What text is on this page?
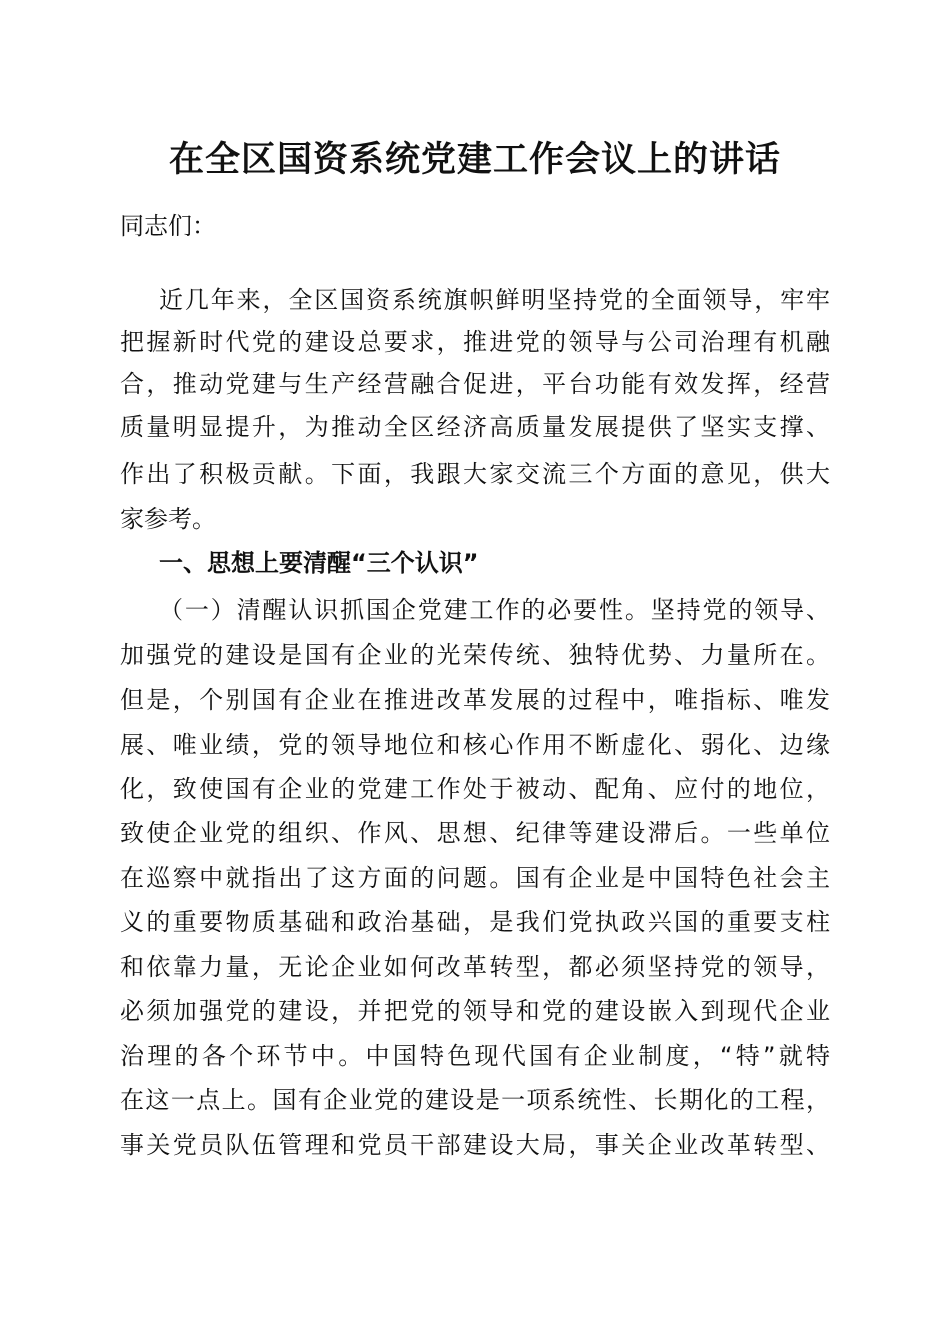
在全区国资系统党建工作会议上的讲话
同志们：
近几年来，全区国资系统旗帜鲜明坚持党的全面领导，牢牢
把握新时代党的建设总要求，推进党的领导与公司治理有机融
合，推动党建与生产经营融合促进，平台功能有效发挥，经营
质量明显提升，为推动全区经济高质量发展提供了坚实支撑、
作出了积极贡献。下面，我跟大家交流三个方面的意见，供大
家参考。
一、思想上要清醒“三个认识”
（一）清醒认识抓国企党建工作的必要性。坚持党的领导、
加强党的建设是国有企业的光荣传统、独特优势、力量所在。
但是，个别国有企业在推进改革发展的过程中，唯指标、唯发
展、唯业绩，党的领导地位和核心作用不断虚化、弱化、边缘
化，致使国有企业的党建工作处于被动、配角、应付的地位，
致使企业党的组织、作风、思想、纪律等建设滞后。一些单位
在巡察中就指出了这方面的问题。国有企业是中国特色社会主
义的重要物质基础和政治基础，是我们党执政兴国的重要支柱
和依靠力量，无论企业如何改革转型，都必须坚持党的领导，
必须加强党的建设，并把党的领导和党的建设嵌入到现代企业
治理的各个环节中。中国特色现代国有企业制度，“特”就特
在这一点上。国有企业党的建设是一项系统性、长期化的工程，
事关党员队伍管理和党员干部建设大局，事关企业改革转型、
